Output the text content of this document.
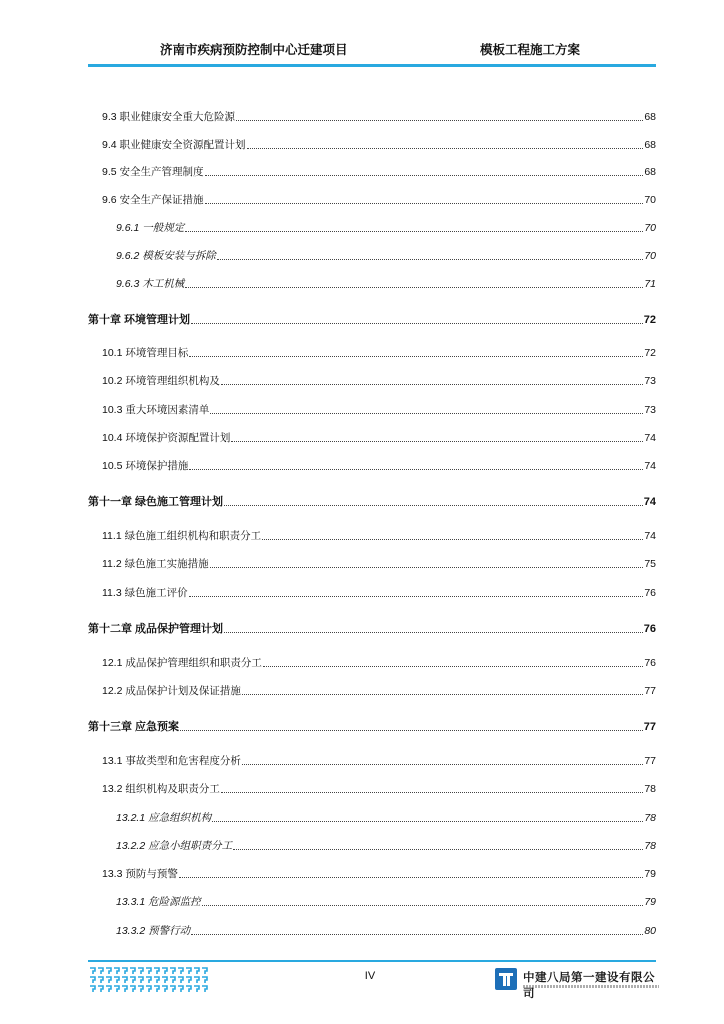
济南市疾病预防控制中心迁建项目	模板工程施工方案
9.3 职业健康安全重大危险源	68
9.4 职业健康安全资源配置计划	68
9.5 安全生产管理制度	68
9.6 安全生产保证措施	70
9.6.1 一般规定	70
9.6.2 模板安装与拆除	70
9.6.3 木工机械	71
第十章 环境管理计划	72
10.1 环境管理目标	72
10.2 环境管理组织机构及	73
10.3 重大环境因素清单	73
10.4 环境保护资源配置计划	74
10.5 环境保护措施	74
第十一章 绿色施工管理计划	74
11.1 绿色施工组织机构和职责分工	74
11.2 绿色施工实施措施	75
11.3 绿色施工评价	76
第十二章 成品保护管理计划	76
12.1 成品保护管理组织和职责分工	76
12.2 成品保护计划及保证措施	77
第十三章 应急预案	77
13.1 事故类型和危害程度分析	77
13.2 组织机构及职责分工	78
13.2.1 应急组织机构	78
13.2.2 应急小组职责分工	78
13.3 预防与预警	79
13.3.1 危险源监控	79
13.3.2 预警行动	80
IV	中建八局第一建设有限公司
